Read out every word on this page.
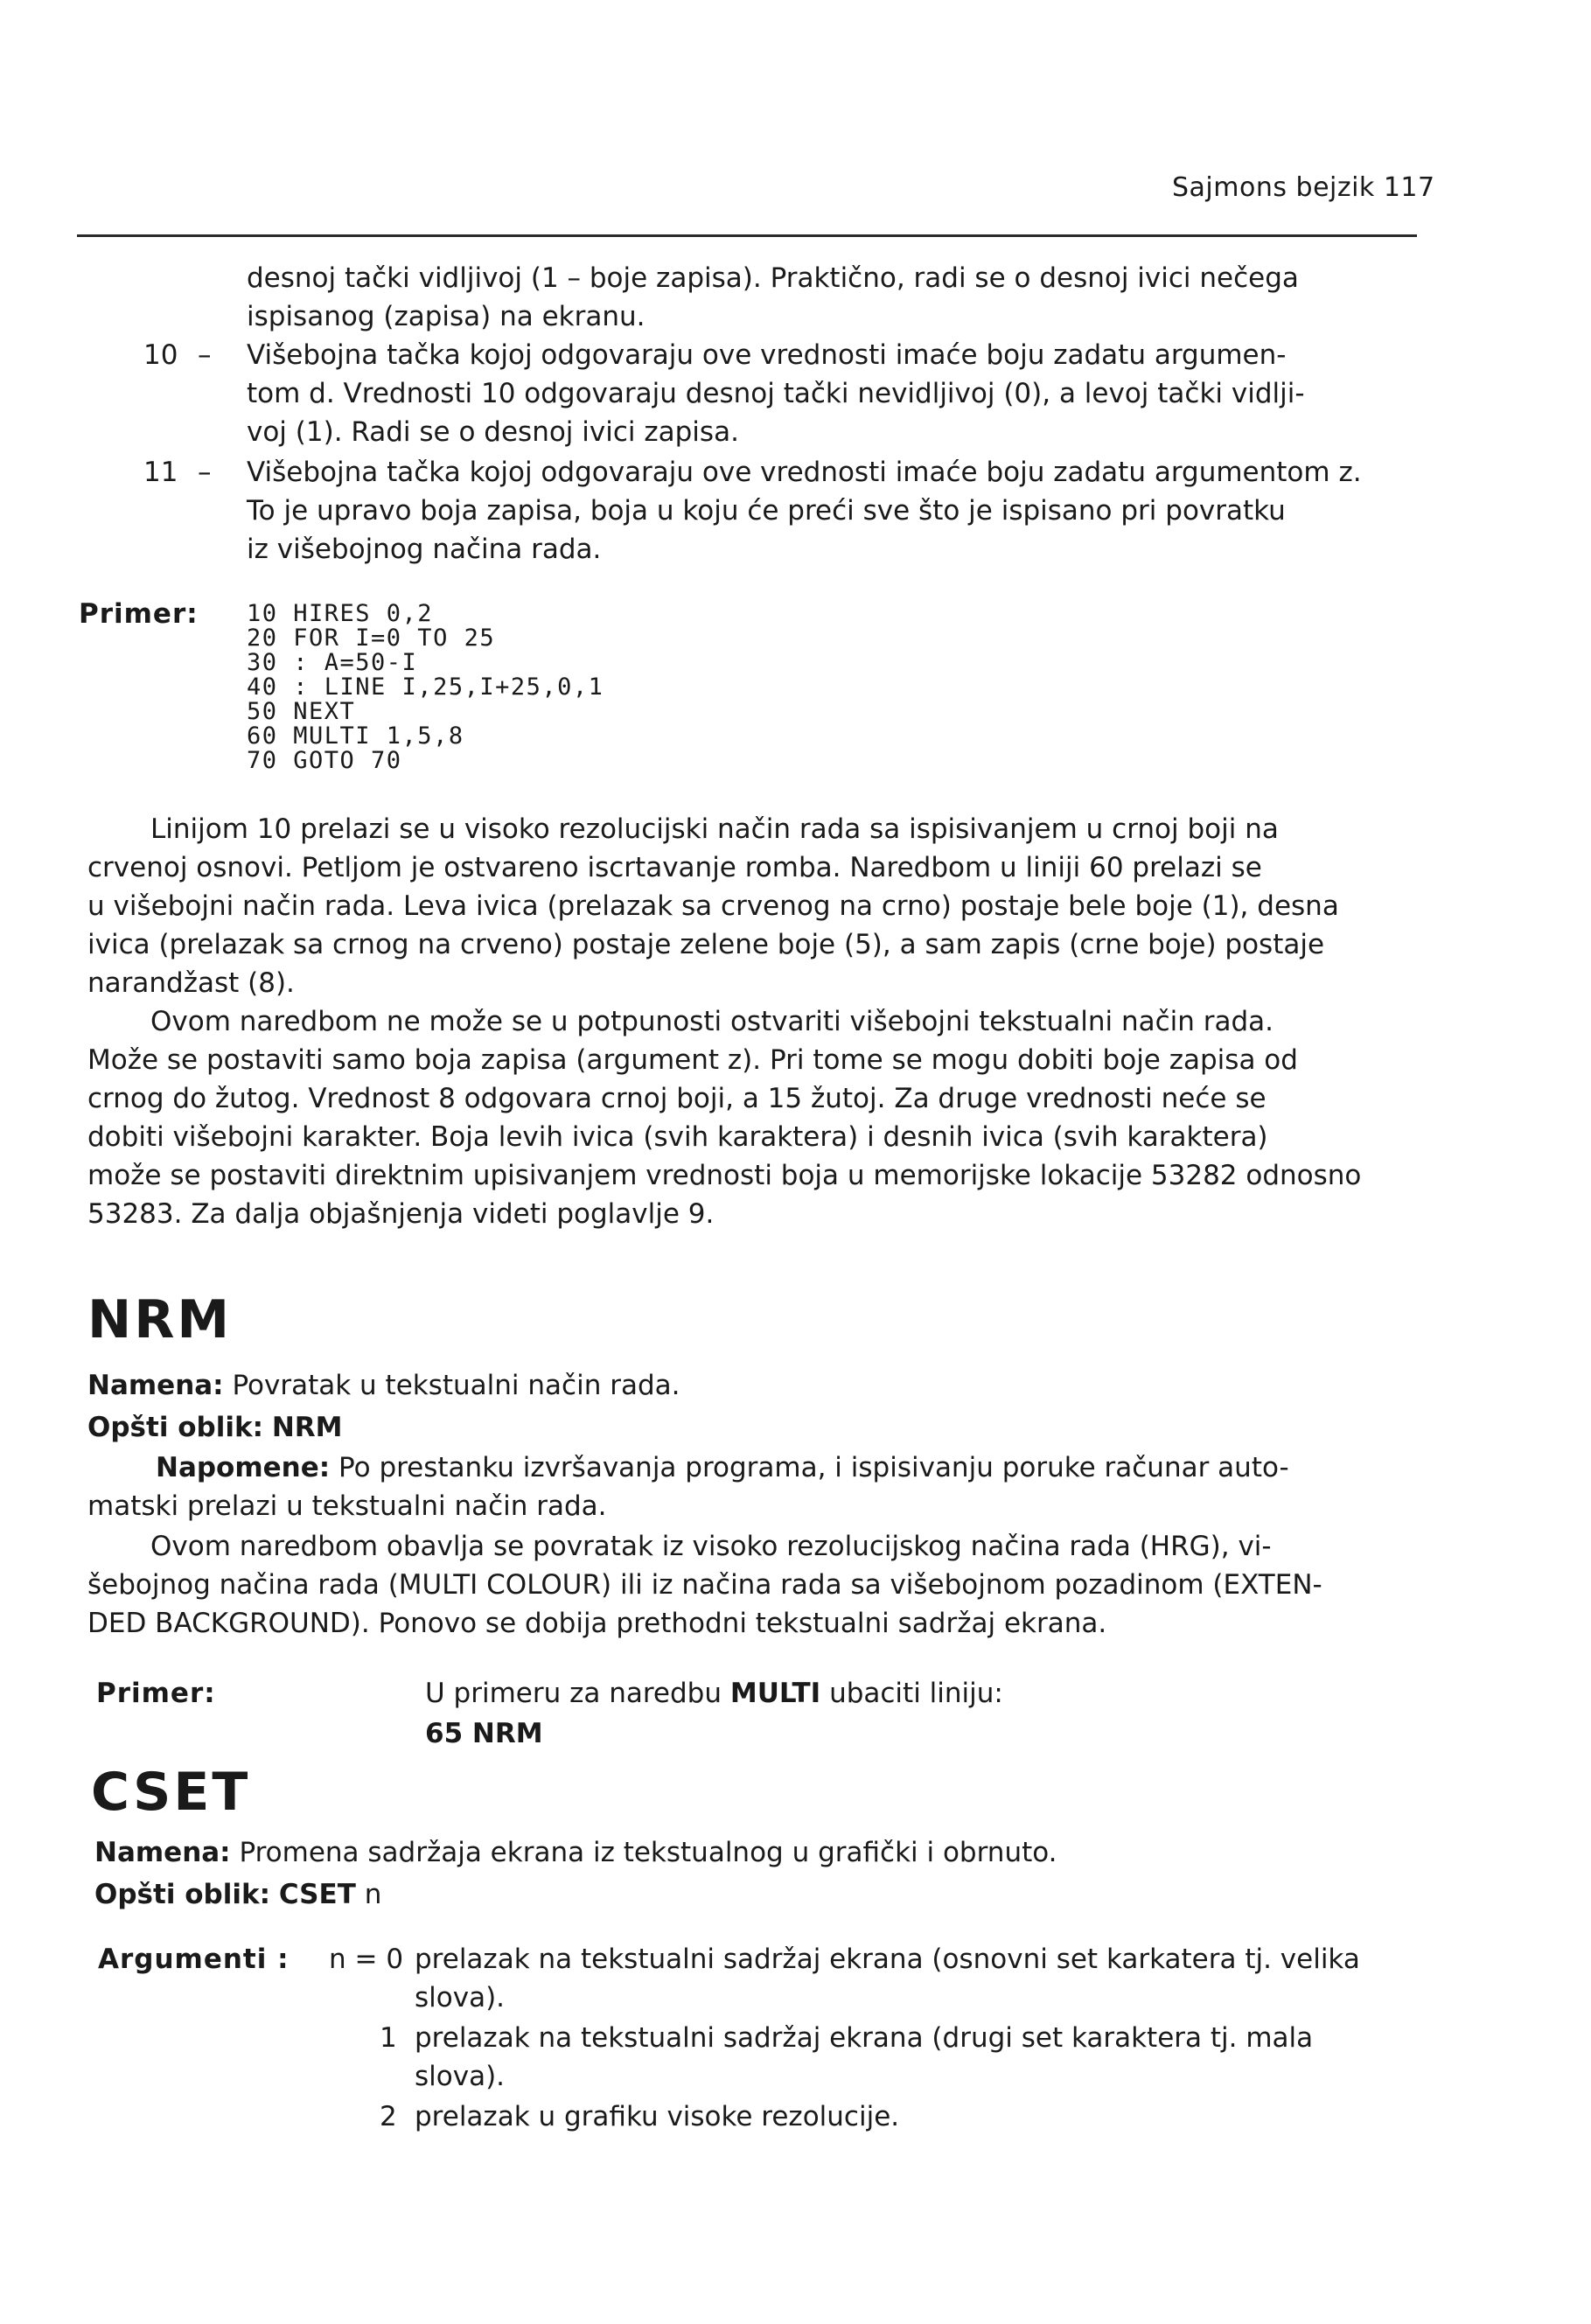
Sajmons bejzik 117
desnoj tački vidljivoj (1 – boje zapisa). Praktično, radi se o desnoj ivici nečega
ispisanog (zapisa) na ekranu.
10 – Višebojna tačka kojoj odgovaraju ove vrednosti imaće boju zadatu argumen-
tom d. Vrednosti 10 odgovaraju desnoj tački nevidljivoj (0), a levoj tački vidlji-
voj (1). Radi se o desnoj ivici zapisa.
11 – Višebojna tačka kojoj odgovaraju ove vrednosti imaće boju zadatu argumentom z.
To je upravo boja zapisa, boja u koju će preći sve što je ispisano pri povratku
iz višebojnog načina rada.
Primer: 10 HIRES 0,2
20 FOR I=0 TO 25
30 : A=50-I
40 : LINE I,25,I+25,0,1
50 NEXT
60 MULTI 1,5,8
70 GOTO 70
Linijom 10 prelazi se u visoko rezolucijski način rada sa ispisivanjem u crnoj boji na
crvenoj osnovi. Petljom je ostvareno iscrtavanje romba. Naredbom u liniji 60 prelazi se
u višebojni način rada. Leva ivica (prelazak sa crvenog na crno) postaje bele boje (1), desna
ivica (prelazak sa crnog na crveno) postaje zelene boje (5), a sam zapis (crne boje) postaje
narandžast (8).
Ovom naredbom ne može se u potpunosti ostvariti višebojni tekstualni način rada.
Može se postaviti samo boja zapisa (argument z). Pri tome se mogu dobiti boje zapisa od
crnog do žutog. Vrednost 8 odgovara crnoj boji, a 15 žutoj. Za druge vrednosti neće se
dobiti višebojni karakter. Boja levih ivica (svih karaktera) i desnih ivica (svih karaktera)
može se postaviti direktnim upisivanjem vrednosti boja u memorijske lokacije 53282 odnosno
53283. Za dalja objašnjenja videti poglavlje 9.
NRM
Namena: Povratak u tekstualni način rada.
Opšti oblik: NRM
Napomene: Po prestanku izvršavanja programa, i ispisivanju poruke računar auto-
matski prelazi u tekstualni način rada.
Ovom naredbom obavlja se povratak iz visoko rezolucijskog načina rada (HRG), vi-
šebojnog načina rada (MULTI COLOUR) ili iz načina rada sa višebojnom pozadinom (EXTEN-
DED BACKGROUND). Ponovo se dobija prethodni tekstualni sadržaj ekrana.
Primer:	U primeru za naredbu MULTI ubaciti liniju:
65 NRM
CSET
Namena: Promena sadržaja ekrana iz tekstualnog u grafički i obrnuto.
Opšti oblik: CSET n
Argumenti : n = 0 prelazak na tekstualni sadržaj ekrana (osnovni set karkatera tj. velika
slova).
1 prelazak na tekstualni sadržaj ekrana (drugi set karaktera tj. mala
slova).
2 prelazak u grafiku visoke rezolucije.
